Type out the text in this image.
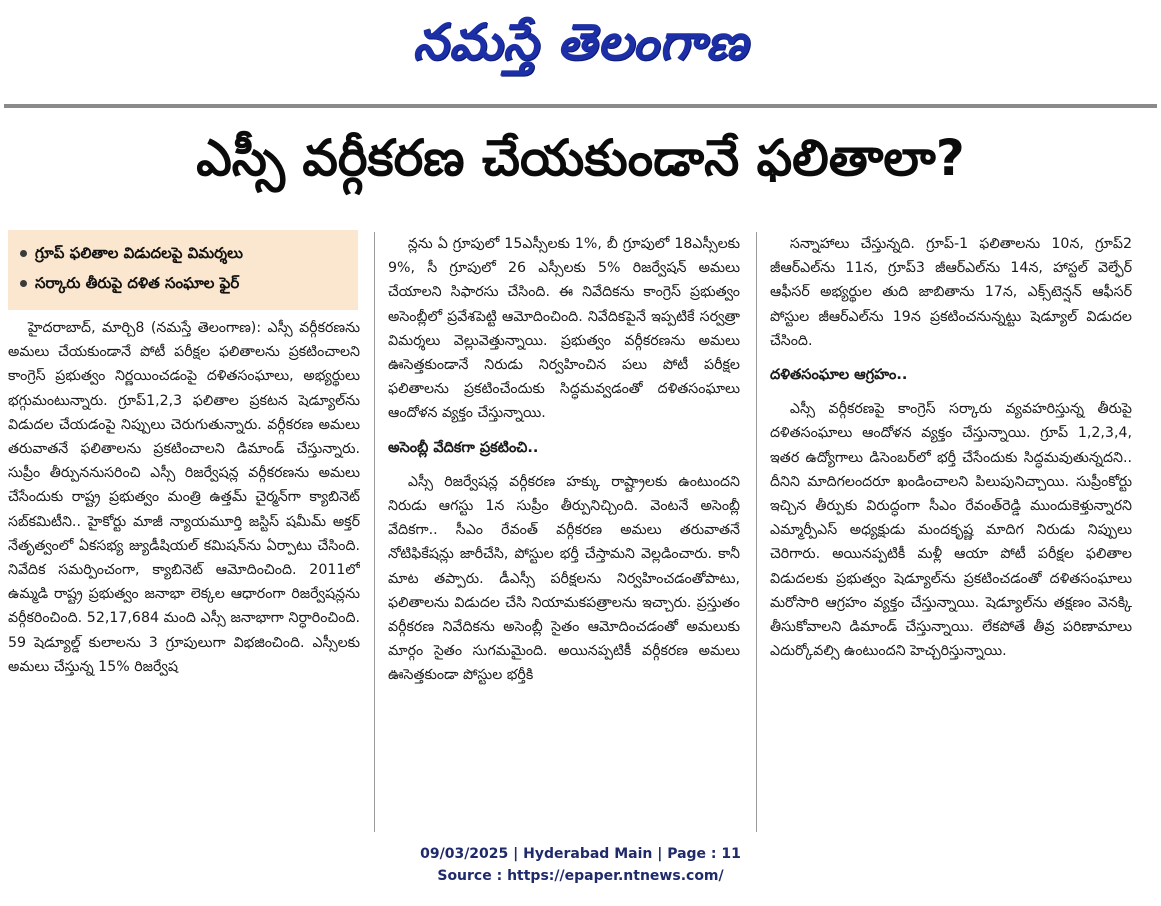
నమస్తే తెలంగాణ
ఎస్సీ వర్గీకరణ చేయకుండానే ఫలితాలా?
గ్రూప్ ఫలితాల విడుదలపై విమర్శలు
సర్కారు తీరుపై దళిత సంఘాల ఫైర్

హైదరాబాద్, మార్చి8 (నమస్తే తెలంగాణ): ఎస్సీ వర్గీకరణను అమలు చేయకుండానే పోటీ పరీక్షల ఫలితాలను ప్రకటించాలని కాంగ్రెస్ ప్రభుత్వం నిర్ణయించడంపై దళితసంఘాలు, అభ్యర్థులు భగ్గుమంటున్నారు. గ్రూప్1,2,3 ఫలితాల ప్రకటన షెడ్యూల్‌ను విడుదల చేయడంపై నిప్పులు చెరుగుతున్నారు. వర్గీకరణ అమలు తరువాతనే ఫలితాలను ప్రకటించాలని డిమాండ్ చేస్తున్నారు. సుప్రీం తీర్పుననుసరించి ఎస్సీ రిజర్వేషన్ల వర్గీకరణను అమలు చేసేందుకు రాష్ట్ర ప్రభుత్వం మంత్రి ఉత్తమ్ చైర్మన్‌గా క్యాబినెట్ సబ్‌కమిటీని.. హైకోర్టు మాజీ న్యాయమూర్తి జస్టిస్ షమీమ్ అక్తర్ నేతృత్వంలో ఏకసభ్య జ్యుడీషియల్ కమిషన్‌ను ఏర్పాటు చేసింది. నివేదిక సమర్పించంగా, క్యాబినెట్ ఆమోదించింది. 2011లో ఉమ్మడి రాష్ట్ర ప్రభుత్వం జనాభా లెక్కల ఆధారంగా రిజర్వేషన్లను వర్గీకరించింది. 52,17,684 మంది ఎస్సీ జనాభాగా నిర్ధారించింది. 59 షెడ్యూల్డ్ కులాలను 3 గ్రూపులుగా విభజించింది. ఎస్సీలకు అమలు చేస్తున్న 15% రిజర్వేష

న్లను ఏ గ్రూపులో 15ఎస్సీలకు 1%, బీ గ్రూపులో 18ఎస్సీలకు 9%, సీ గ్రూపులో 26 ఎస్సీలకు 5% రిజర్వేషన్ అమలు చేయాలని సిఫారసు చేసింది. ఈ నివేదికను కాంగ్రెస్ ప్రభుత్వం అసెంబ్లీలో ప్రవేశపెట్టి ఆమోదించింది. నివేదికపైనే ఇప్పటికే సర్వత్రా విమర్శలు వెల్లువెత్తున్నాయి. ప్రభుత్వం వర్గీకరణను అమలు ఊసెత్తకుండానే నిరుడు నిర్వహించిన పలు పోటీ పరీక్షల ఫలితాలను ప్రకటించేందుకు సిద్ధమవ్వడంతో దళితసంఘాలు ఆందోళన వ్యక్తం చేస్తున్నాయి.

అసెంబ్లీ వేదికగా ప్రకటించి..

ఎస్సీ రిజర్వేషన్ల వర్గీకరణ హక్కు రాష్ట్రాలకు ఉంటుందని నిరుడు ఆగస్టు 1న సుప్రీం తీర్పునిచ్చింది. వెంటనే అసెంబ్లీ వేదికగా.. సీఎం రేవంత్ వర్గీకరణ అమలు తరువాతనే నోటిఫికేషన్లు జారీచేసి, పోస్టుల భర్తీ చేస్తామని వెల్లడించారు. కానీ మాట తప్పారు. డీఎస్సీ పరీక్షలను నిర్వహించడంతోపాటు, ఫలితాలను విడుదల చేసి నియామకపత్రాలను ఇచ్చారు. ప్రస్తుతం వర్గీకరణ నివేదికను అసెంబ్లీ సైతం ఆమోదించడంతో అమలుకు మార్గం సైతం సుగమమైంది. అయినప్పటికీ వర్గీకరణ అమలు ఊసెత్తకుండా పోస్టుల భర్తీకి

సన్నాహాలు చేస్తున్నది. గ్రూప్-1 ఫలితాలను 10న, గ్రూప్2 జీఆర్ఎల్‌ను 11న, గ్రూప్3 జీఆర్ఎల్‌ను 14న, హాస్టల్ వెల్ఫేర్ ఆఫీసర్ అభ్యర్థుల తుది జాబితాను 17న, ఎక్స్‌టెన్షన్ ఆఫీసర్ పోస్టుల జీఆర్ఎల్‌ను 19న ప్రకటించనున్నట్టు షెడ్యూల్ విడుదల చేసింది.

దళితసంఘాల ఆగ్రహం..

ఎస్సీ వర్గీకరణపై కాంగ్రెస్ సర్కారు వ్యవహరిస్తున్న తీరుపై దళితసంఘాలు ఆందోళన వ్యక్తం చేస్తున్నాయి. గ్రూప్ 1,2,3,4, ఇతర ఉద్యోగాలు డిసెంబర్‌లో భర్తీ చేసేందుకు సిద్ధమవుతున్నదని.. దీనిని మాదిగలందరూ ఖండించాలని పిలుపునిచ్చాయి. సుప్రీంకోర్టు ఇచ్చిన తీర్పుకు విరుద్ధంగా సీఎం రేవంత్‌రెడ్డి ముందుకెళ్తున్నారని ఎమ్మార్పీఎస్ అధ్యక్షుడు మందకృష్ణ మాదిగ నిరుడు నిప్పులు చెరిగారు. అయినప్పటికీ మళ్లీ ఆయా పోటీ పరీక్షల ఫలితాల విడుదలకు ప్రభుత్వం షెడ్యూల్‌ను ప్రకటించడంతో దళితసంఘాలు మరోసారి ఆగ్రహం వ్యక్తం చేస్తున్నాయి. షెడ్యూల్‌ను తక్షణం వెనక్కి తీసుకోవాలని డిమాండ్ చేస్తున్నాయి. లేకపోతే తీవ్ర పరిణామాలు ఎదుర్కోవల్సి ఉంటుందని హెచ్చరిస్తున్నాయి.

09/03/2025 | Hyderabad Main | Page : 11
Source : https://epaper.ntnews.com/
